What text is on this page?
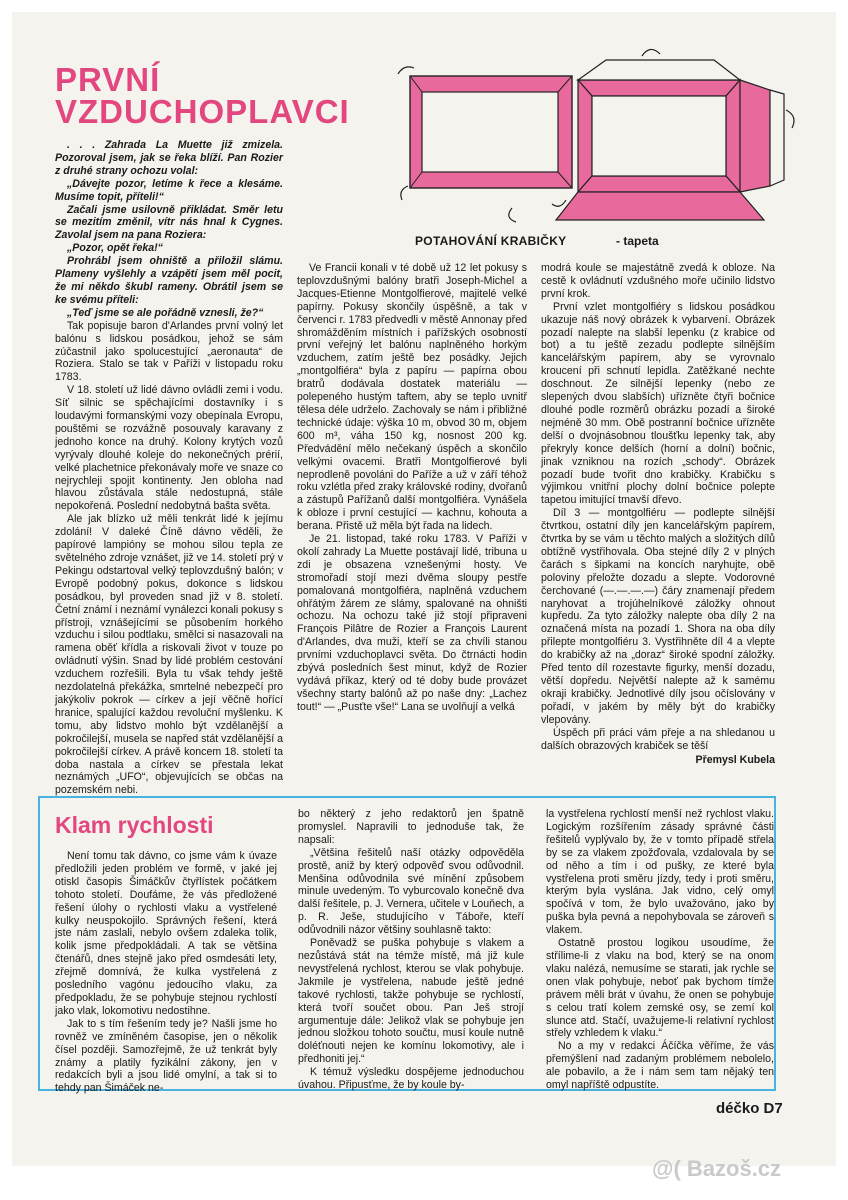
PRVNÍ
VZDUCHOPLAVCI
POTAHOVÁNÍ KRABIČKY	- tapeta

. . . Zahrada La Muette již zmizela. Pozoroval jsem, jak se řeka blíží. Pan Rozier z druhé strany ochozu volal:

„Dávejte pozor, letíme k řece a klesáme. Musíme topit, příteli!“

Začali jsme usilovně přikládat. Směr letu se mezitím změnil, vítr nás hnal k Cygnes. Zavolal jsem na pana Roziera:

„Pozor, opět řeka!“

Prohrábl jsem ohniště a přiložil slámu. Plameny vyšlehly a vzápětí jsem měl pocit, že mi někdo škubl rameny. Obrátil jsem se ke svému příteli:

„Teď jsme se ale pořádně vznesli, že?“

Tak popisuje baron d'Arlandes první volný let balónu s lidskou posádkou, jehož se sám zúčastnil jako spolucestující „aeronauta“ de Roziera. Stalo se tak v Paříži v listopadu roku 1783.

V 18. století už lidé dávno ovládli zemi i vodu. Síť silnic se spěchajícími dostavníky i s loudavými formanskými vozy obepínala Evropu, pouštěmi se rozvážně posouvaly karavany z jednoho konce na druhý. Kolony krytých vozů vyrývaly dlouhé koleje do nekonečných prérií, velké plachetnice překonávaly moře ve snaze co nejrychleji spojit kontinenty. Jen obloha nad hlavou zůstávala stále nedostupná, stále nepokořená. Poslední nedobytná bašta světa.

Ale jak blízko už měli tenkrát lidé k jejímu zdolání! V daleké Číně dávno věděli, že papírové lampióny se mohou silou tepla ze světelného zdroje vznášet, již ve 14. století prý v Pekingu odstartoval velký teplovzdušný balón; v Evropě podobný pokus, dokonce s lidskou posádkou, byl proveden snad již v 8. století. Četní známí i neznámí vynálezci konali pokusy s přístroji, vznášejícími se působením horkého vzduchu i silou podtlaku, smělci si nasazovali na ramena oběť křídla a riskovali život v touze po ovládnutí výšin. Snad by lidé problém cestování vzduchem rozřešili. Byla tu však tehdy ještě nezdolatelná překážka, smrtelné nebezpečí pro jakýkoliv pokrok — církev a její věčně hořící hranice, spalující každou revoluční myšlenku. K tomu, aby lidstvo mohlo být vzdělanější a pokročilejší, musela se napřed stát vzdělanější a pokročilejší církev. A právě koncem 18. století ta doba nastala a církev se přestala lekat neznámých „UFO“, objevujících se občas na pozemském nebi.

Ve Francii konali v té době už 12 let pokusy s teplovzdušnými balóny bratři Joseph-Michel a Jacques-Etienne Montgolfierové, majitelé velké papírny. Pokusy skončily úspěšně, a tak v červenci r. 1783 předvedli v městě Annonay před shromážděním místních i pařížských osobností první veřejný let balónu naplněného horkým vzduchem, zatím ještě bez posádky. Jejich „montgolfiéra“ byla z papíru — papírna obou bratrů dodávala dostatek materiálu — polepeného hustým taftem, aby se teplo uvnitř tělesa déle udrželo. Zachovaly se nám i přibližné technické údaje: výška 10 m, obvod 30 m, objem 600 m³, váha 150 kg, nosnost 200 kg. Předvádění mělo nečekaný úspěch a skončilo velkými ovacemi. Bratři Montgolfierové byli neprodleně povoláni do Paříže a už v září téhož roku vzlétla před zraky královské rodiny, dvořanů a zástupů Pařížanů další montgolfiéra. Vynášela k obloze i první cestující — kachnu, kohouta a berana. Přistě už měla být řada na lidech.

Je 21. listopad, také roku 1783. V Paříži v okolí zahrady La Muette postávají lidé, tribuna u zdi je obsazena vznešenými hosty. Ve stromořadí stojí mezi dvěma sloupy pestře pomalovaná montgolfiéra, naplněná vzduchem ohřátým žárem ze slámy, spalované na ohništi ochozu. Na ochozu také již stojí připraveni François Pilâtre de Rozier a François Laurent d'Arlandes, dva muži, kteří se za chvíli stanou prvními vzduchoplavci světa. Do čtrnácti hodin zbývá posledních šest minut, když de Rozier vydává příkaz, který od té doby bude provázet všechny starty balónů až po naše dny: „Lachez tout!“ — „Pusťte vše!“ Lana se uvolňují a velká

modrá koule se majestátně zvedá k obloze. Na cestě k ovládnutí vzdušného moře učinilo lidstvo první krok.

První vzlet montgolfiéry s lidskou posádkou ukazuje náš nový obrázek k vybarvení. Obrázek pozadí nalepte na slabší lepenku (z krabice od bot) a tu ještě zezadu podlepte silnějším kancelářským papírem, aby se vyrovnalo kroucení při schnutí lepidla. Zatěžkané nechte doschnout. Ze silnější lepenky (nebo ze slepených dvou slabších) uřízněte čtyři bočnice dlouhé podle rozměrů obrázku pozadí a široké nejméně 30 mm. Obě postranní bočnice uřízněte delší o dvojnásobnou tloušťku lepenky tak, aby překryly konce delších (horní a dolní) bočnic, jinak vzniknou na rozích „schody“. Obrázek pozadí bude tvořit dno krabičky. Krabičku s výjimkou vnitřní plochy dolní bočnice polepte tapetou imitující tmavší dřevo.

Díl 3 — montgolfiéru — podlepte silnější čtvrtkou, ostatní díly jen kancelářským papírem, čtvrtka by se vám u těchto malých a složitých dílů obtížně vystřihovala. Oba stejné díly 2 v plných čarách s šipkami na koncích naryhujte, obě poloviny přeložte dozadu a slepte. Vodorovné čerchované (—.—.—.—) čáry znamenají předem naryhovat a trojúhelníkové záložky ohnout kupředu. Za tyto záložky nalepte oba díly 2 na označená místa na pozadí 1. Shora na oba díly přilepte montgolfiéru 3. Vystřihněte díl 4 a vlepte do krabičky až na „doraz“ široké spodní záložky. Před tento díl rozestavte figurky, menší dozadu, větší dopředu. Největší nalepte až k samému okraji krabičky. Jednotlivé díly jsou očíslovány v pořadí, v jakém by měly být do krabičky vlepovány.

Úspěch při práci vám přeje a na shledanou u dalších obrazových krabiček se těší

Přemysl Kubela
Klam rychlosti

Není tomu tak dávno, co jsme vám k úvaze předložili jeden problém ve formě, v jaké jej otiskl časopis Šimáčkův čtyřlístek počátkem tohoto století. Doufáme, že vás předložené řešení úlohy o rychlosti vlaku a vystřelené kulky neuspokojilo. Správných řešení, která jste nám zaslali, nebylo ovšem zdaleka tolik, kolik jsme předpokládali. A tak se většina čtenářů, dnes stejně jako před osmdesáti lety, zřejmě domnívá, že kulka vystřelená z posledního vagónu jedoucího vlaku, za předpokladu, že se pohybuje stejnou rychlostí jako vlak, lokomotivu nedostihne.

Jak to s tím řešením tedy je? Našli jsme ho rovněž ve zmíněném časopise, jen o několik čísel později. Samozřejmě, že už tenkrát byly známy a platily fyzikální zákony, jen v redakcích byli a jsou lidé omylní, a tak si to tehdy pan Šimáček ne-

bo některý z jeho redaktorů jen špatně promyslel. Napravili to jednoduše tak, že napsali:

„Většina řešitelů naší otázky odpověděla prostě, aniž by který odpověď svou odůvodnil. Menšina odůvodnila své mínění způsobem minule uvedeným. To vyburcovalo konečně dva další řešitele, p. J. Vernera, učitele v Louňech, a p. R. Ješe, studujícího v Táboře, kteří odůvodnili názor většiny souhlasně takto:

Poněvadž se puška pohybuje s vlakem a nezůstává stát na témže místě, má již kule nevystřelená rychlost, kterou se vlak pohybuje. Jakmile je vystřelena, nabude ještě jedné takové rychlosti, takže pohybuje se rychlostí, která tvoří součet obou. Pan Ješ strojí argumentuje dále: Jelikož vlak se pohybuje jen jednou složkou tohoto součtu, musí koule nutně doléťnouti nejen ke komínu lokomotivy, ale i předhoniti jej.“

K témuž výsledku dospějeme jednoduchou úvahou. Připusťme, že by koule by-

la vystřelena rychlostí menší než rychlost vlaku. Logickým rozšířením zásady správné části řešitelů vyplývalo by, že v tomto případě střela by se za vlakem zpožďovala, vzdalovala by se od něho a tím i od pušky, ze které byla vystřelena proti směru jízdy, tedy i proti směru, kterým byla vyslána. Jak vidno, celý omyl spočívá v tom, že bylo uvažováno, jako by puška byla pevná a nepohybovala se zároveň s vlakem.

Ostatně prostou logikou usoudíme, že střílime-li z vlaku na bod, který se na onom vlaku nalézá, nemusíme se starati, jak rychle se onen vlak pohybuje, neboť pak bychom tímže právem měli brát v úvahu, že onen se pohybuje s celou tratí kolem zemské osy, se zemí kol slunce atd. Stačí, uvažujeme-li relativní rychlost střely vzhledem k vlaku.“

No a my v redakci Áčíčka věříme, že vás přemýšlení nad zadaným problémem nebolelo, ale pobavilo, a že i nám sem tam nějaký ten omyl napříště odpustíte.

déčko D7
@( Bazoš.cz
